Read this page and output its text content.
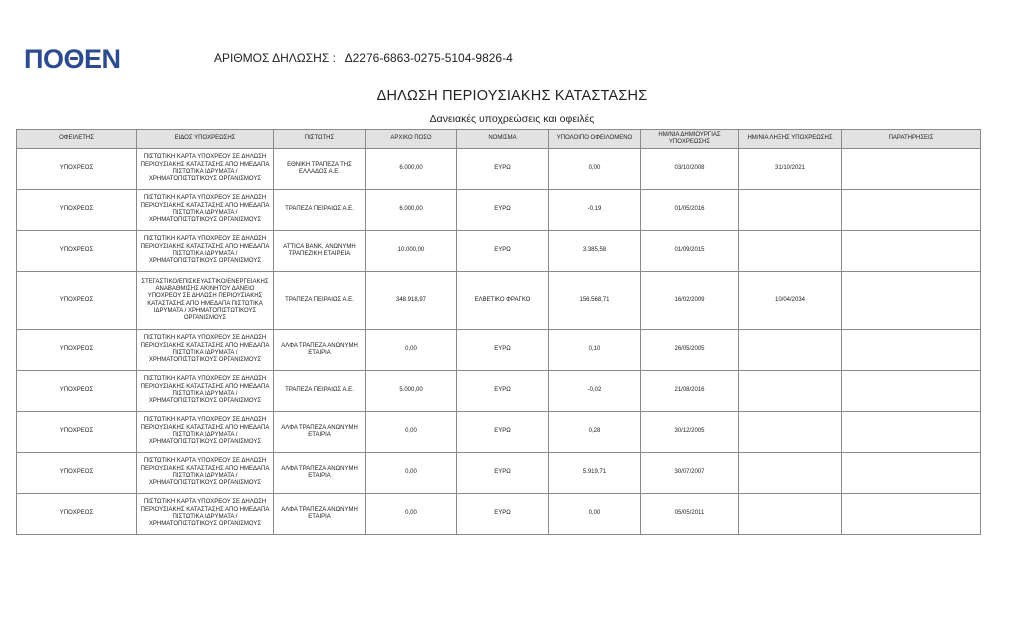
ΠΟΘΕΝ	ΑΡΙΘΜΟΣ ΔΗΛΩΣΗΣ : Δ2276-6863-0275-5104-9826-4
ΔΗΛΩΣΗ ΠΕΡΙΟΥΣΙΑΚΗΣ ΚΑΤΑΣΤΑΣΗΣ
Δανειακές υποχρεώσεις και οφειλές
ΟΦΕΙΛΕΤΗΣ	ΕΙΔΟΣ ΥΠΟΧΡΕΩΣΗΣ	ΠΙΣΤΩΤΗΣ	ΑΡΧΙΚΟ ΠΟΣΟ	ΝΟΜΙΣΜΑ	ΥΠΟΛΟΙΠΟ ΟΦΕΙΛΟΜΕΝΟ	ΗΜ/ΝΙΑ ΔΗΜΙΟΥΡΓΙΑΣ ΥΠΟΧΡΕΩΣΗΣ	ΗΜ/ΝΙΑ ΛΗΞΗΣ ΥΠΟΧΡΕΩΣΗΣ	ΠΑΡΑΤΗΡΗΣΕΙΣ
ΥΠΟΧΡΕΟΣ	ΠΙΣΤΩΤΙΚΗ ΚΑΡΤΑ ΥΠΟΧΡΕΟΥ ΣΕ ΔΗΛΩΣΗ ΠΕΡΙΟΥΣΙΑΚΗΣ ΚΑΤΑΣΤΑΣΗΣ ΑΠΟ ΗΜΕΔΑΠΑ ΠΙΣΤΩΤΙΚΑ ΙΔΡΥΜΑΤΑ / ΧΡΗΜΑΤΟΠΙΣΤΩΤΙΚΟΥΣ ΟΡΓΑΝΙΣΜΟΥΣ	ΕΘΝΙΚΗ ΤΡΑΠΕΖΑ ΤΗΣ ΕΛΛΑΔΟΣ Α.Ε.	6.000,00	ΕΥΡΩ	0,00	03/10/2008	31/10/2021	
ΥΠΟΧΡΕΟΣ	ΠΙΣΤΩΤΙΚΗ ΚΑΡΤΑ ΥΠΟΧΡΕΟΥ ΣΕ ΔΗΛΩΣΗ ΠΕΡΙΟΥΣΙΑΚΗΣ ΚΑΤΑΣΤΑΣΗΣ ΑΠΟ ΗΜΕΔΑΠΑ ΠΙΣΤΩΤΙΚΑ ΙΔΡΥΜΑΤΑ / ΧΡΗΜΑΤΟΠΙΣΤΩΤΙΚΟΥΣ ΟΡΓΑΝΙΣΜΟΥΣ	ΤΡΑΠΕΖΑ ΠΕΙΡΑΙΩΣ Α.Ε.	6.000,00	ΕΥΡΩ	-0,19	01/05/2016		
ΥΠΟΧΡΕΟΣ	ΠΙΣΤΩΤΙΚΗ ΚΑΡΤΑ ΥΠΟΧΡΕΟΥ ΣΕ ΔΗΛΩΣΗ ΠΕΡΙΟΥΣΙΑΚΗΣ ΚΑΤΑΣΤΑΣΗΣ ΑΠΟ ΗΜΕΔΑΠΑ ΠΙΣΤΩΤΙΚΑ ΙΔΡΥΜΑΤΑ / ΧΡΗΜΑΤΟΠΙΣΤΩΤΙΚΟΥΣ ΟΡΓΑΝΙΣΜΟΥΣ	ATTICA BANK, ΑΝΩΝΥΜΗ ΤΡΑΠΕΖΙΚΗ ΕΤΑΙΡΕΙΑ	10.000,00	ΕΥΡΩ	3.385,58	01/09/2015		
ΥΠΟΧΡΕΟΣ	ΣΤΕΓΑΣΤΙΚΟ/ΕΠΙΣΚΕΥΑΣΤΙΚΟ/ΕΝΕΡΓΕΙΑΚΗΣ ΑΝΑΒΑΘΜΙΣΗΣ ΑΚΙΝΗΤΟΥ ΔΑΝΕΙΟ ΥΠΟΧΡΕΟΥ ΣΕ ΔΗΛΩΣΗ ΠΕΡΙΟΥΣΙΑΚΗΣ ΚΑΤΑΣΤΑΣΗΣ ΑΠΟ ΗΜΕΔΑΠΑ ΠΙΣΤΩΤΙΚΑ ΙΔΡΥΜΑΤΑ / ΧΡΗΜΑΤΟΠΙΣΤΩΤΙΚΟΥΣ ΟΡΓΑΝΙΣΜΟΥΣ	ΤΡΑΠΕΖΑ ΠΕΙΡΑΙΩΣ Α.Ε.	348.918,97	ΕΛΒΕΤΙΚΟ ΦΡΑΓΚΟ	156.568,71	16/02/2009	10/04/2034	
ΥΠΟΧΡΕΟΣ	ΠΙΣΤΩΤΙΚΗ ΚΑΡΤΑ ΥΠΟΧΡΕΟΥ ΣΕ ΔΗΛΩΣΗ ΠΕΡΙΟΥΣΙΑΚΗΣ ΚΑΤΑΣΤΑΣΗΣ ΑΠΟ ΗΜΕΔΑΠΑ ΠΙΣΤΩΤΙΚΑ ΙΔΡΥΜΑΤΑ / ΧΡΗΜΑΤΟΠΙΣΤΩΤΙΚΟΥΣ ΟΡΓΑΝΙΣΜΟΥΣ	ΑΛΦΑ ΤΡΑΠΕΖΑ ΑΝΩΝΥΜΗ ΕΤΑΙΡΙΑ	0,00	ΕΥΡΩ	0,10	26/05/2005		
ΥΠΟΧΡΕΟΣ	ΠΙΣΤΩΤΙΚΗ ΚΑΡΤΑ ΥΠΟΧΡΕΟΥ ΣΕ ΔΗΛΩΣΗ ΠΕΡΙΟΥΣΙΑΚΗΣ ΚΑΤΑΣΤΑΣΗΣ ΑΠΟ ΗΜΕΔΑΠΑ ΠΙΣΤΩΤΙΚΑ ΙΔΡΥΜΑΤΑ / ΧΡΗΜΑΤΟΠΙΣΤΩΤΙΚΟΥΣ ΟΡΓΑΝΙΣΜΟΥΣ	ΤΡΑΠΕΖΑ ΠΕΙΡΑΙΩΣ Α.Ε.	5.000,00	ΕΥΡΩ	-0,02	21/08/2016		
ΥΠΟΧΡΕΟΣ	ΠΙΣΤΩΤΙΚΗ ΚΑΡΤΑ ΥΠΟΧΡΕΟΥ ΣΕ ΔΗΛΩΣΗ ΠΕΡΙΟΥΣΙΑΚΗΣ ΚΑΤΑΣΤΑΣΗΣ ΑΠΟ ΗΜΕΔΑΠΑ ΠΙΣΤΩΤΙΚΑ ΙΔΡΥΜΑΤΑ / ΧΡΗΜΑΤΟΠΙΣΤΩΤΙΚΟΥΣ ΟΡΓΑΝΙΣΜΟΥΣ	ΑΛΦΑ ΤΡΑΠΕΖΑ ΑΝΩΝΥΜΗ ΕΤΑΙΡΙΑ	0,00	ΕΥΡΩ	0,28	30/12/2005		
ΥΠΟΧΡΕΟΣ	ΠΙΣΤΩΤΙΚΗ ΚΑΡΤΑ ΥΠΟΧΡΕΟΥ ΣΕ ΔΗΛΩΣΗ ΠΕΡΙΟΥΣΙΑΚΗΣ ΚΑΤΑΣΤΑΣΗΣ ΑΠΟ ΗΜΕΔΑΠΑ ΠΙΣΤΩΤΙΚΑ ΙΔΡΥΜΑΤΑ / ΧΡΗΜΑΤΟΠΙΣΤΩΤΙΚΟΥΣ ΟΡΓΑΝΙΣΜΟΥΣ	ΑΛΦΑ ΤΡΑΠΕΖΑ ΑΝΩΝΥΜΗ ΕΤΑΙΡΙΑ	0,00	ΕΥΡΩ	5.919,71	30/07/2007		
ΥΠΟΧΡΕΟΣ	ΠΙΣΤΩΤΙΚΗ ΚΑΡΤΑ ΥΠΟΧΡΕΟΥ ΣΕ ΔΗΛΩΣΗ ΠΕΡΙΟΥΣΙΑΚΗΣ ΚΑΤΑΣΤΑΣΗΣ ΑΠΟ ΗΜΕΔΑΠΑ ΠΙΣΤΩΤΙΚΑ ΙΔΡΥΜΑΤΑ / ΧΡΗΜΑΤΟΠΙΣΤΩΤΙΚΟΥΣ ΟΡΓΑΝΙΣΜΟΥΣ	ΑΛΦΑ ΤΡΑΠΕΖΑ ΑΝΩΝΥΜΗ ΕΤΑΙΡΙΑ	0,00	ΕΥΡΩ	0,00	05/05/2011		
